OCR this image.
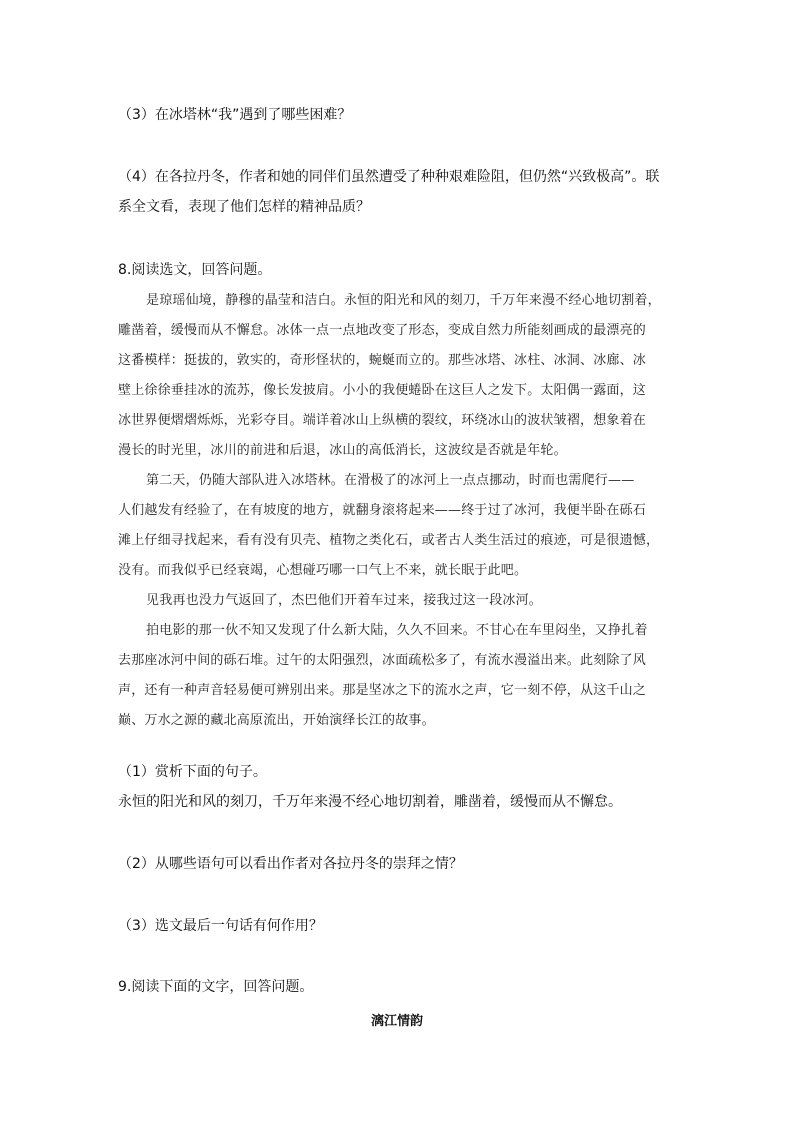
（3）在冰塔林“我”遇到了哪些困难？
（4）在各拉丹冬，作者和她的同伴们虽然遭受了种种艰难险阻，但仍然“兴致极高”。联
系全文看，表现了他们怎样的精神品质？
8.阅读选文，回答问题。
是琼瑶仙境，静穆的晶莹和洁白。永恒的阳光和风的刻刀，千万年来漫不经心地切割着，
雕凿着，缓慢而从不懈怠。冰体一点一点地改变了形态，变成自然力所能刻画成的最漂亮的
这番模样：挺拔的，敦实的，奇形怪状的，蜿蜒而立的。那些冰塔、冰柱、冰洞、冰廊、冰
壁上徐徐垂挂冰的流苏，像长发披肩。小小的我便蜷卧在这巨人之发下。太阳偶一露面，这
冰世界便熠熠烁烁，光彩夺目。端详着冰山上纵横的裂纹，环绕冰山的波状皱褶，想象着在
漫长的时光里，冰川的前进和后退，冰山的高低消长，这波纹是否就是年轮。
第二天，仍随大部队进入冰塔林。在滑极了的冰河上一点点挪动，时而也需爬行——
人们越发有经验了，在有坡度的地方，就翻身滚将起来——终于过了冰河，我便半卧在砾石
滩上仔细寻找起来，看有没有贝壳、植物之类化石，或者古人类生活过的痕迹，可是很遗憾，
没有。而我似乎已经衰竭，心想碰巧哪一口气上不来，就长眠于此吧。
见我再也没力气返回了，杰巴他们开着车过来，接我过这一段冰河。
拍电影的那一伙不知又发现了什么新大陆，久久不回来。不甘心在车里闷坐，又挣扎着
去那座冰河中间的砾石堆。过午的太阳强烈，冰面疏松多了，有流水漫溢出来。此刻除了风
声，还有一种声音轻易便可辨别出来。那是坚冰之下的流水之声，它一刻不停，从这千山之
巅、万水之源的藏北高原流出，开始演绎长江的故事。
（1）赏析下面的句子。
永恒的阳光和风的刻刀，千万年来漫不经心地切割着，雕凿着，缓慢而从不懈怠。
（2）从哪些语句可以看出作者对各拉丹冬的崇拜之情？
（3）选文最后一句话有何作用？
9.阅读下面的文字，回答问题。
漓江情韵
